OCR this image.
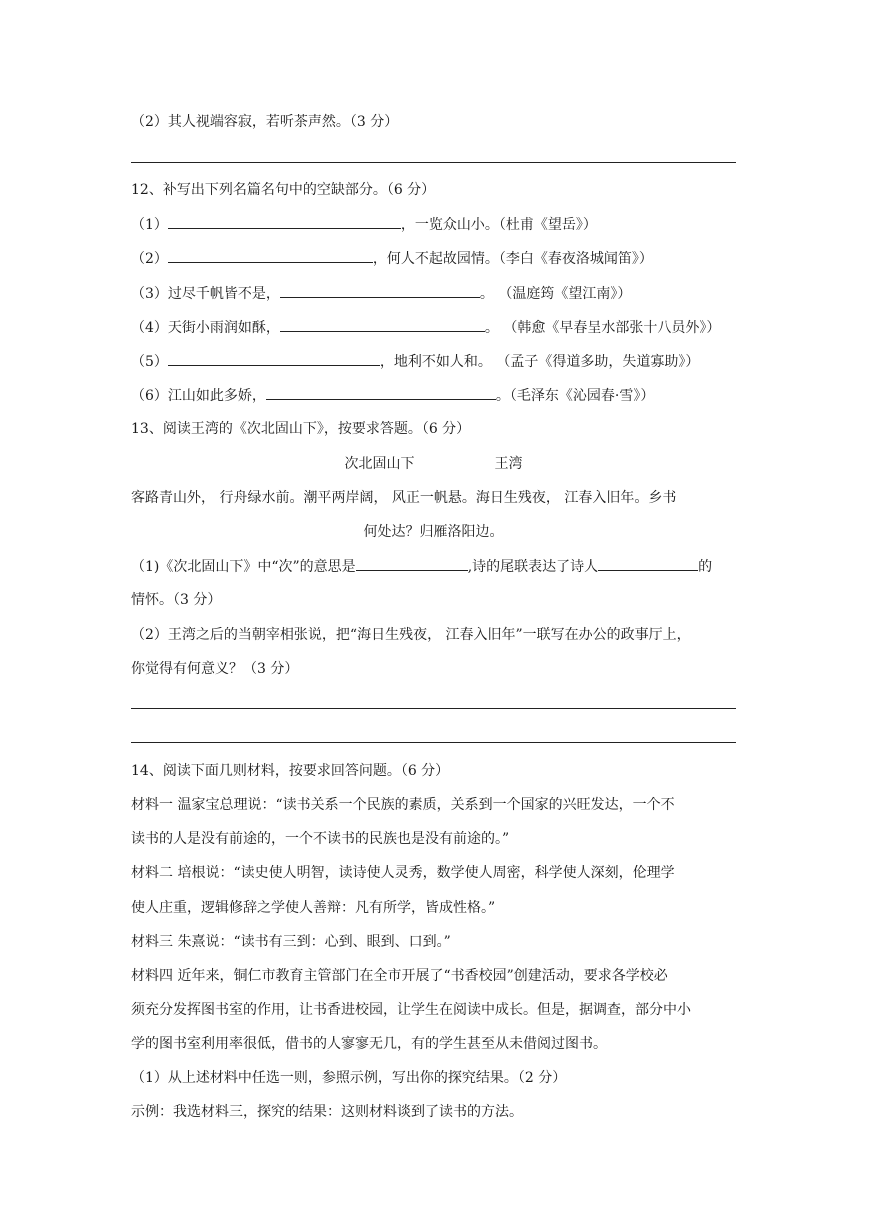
（2）其人视端容寂，若听茶声然。（3 分）
12、补写出下列名篇名句中的空缺部分。（6 分）
（1）	，一览众山小。（杜甫《望岳》）
（2）	，何人不起故园情。（李白《春夜洛城闻笛》）
（3）过尽千帆皆不是，	。 （温庭筠《望江南》）
（4）天街小雨润如酥，	。 （韩愈《早春呈水部张十八员外》）
（5）	，地利不如人和。 （孟子《得道多助，失道寡助》）
（6）江山如此多娇，	。（毛泽东《沁园春·雪》）
13、阅读王湾的《次北固山下》，按要求答题。（6 分）
次北固山下	王湾
客路青山外， 行舟绿水前。潮平两岸阔， 风正一帆悬。海日生残夜， 江春入旧年。乡书
何处达？归雁洛阳边。
（1)《次北固山下》中“次”的意思是	,诗的尾联表达了诗人	的
情怀。（3 分）
（2）王湾之后的当朝宰相张说，把“海日生残夜， 江春入旧年”一联写在办公的政事厅上，
你觉得有何意义？（3 分）
14、阅读下面几则材料，按要求回答问题。（6 分）
材料一 温家宝总理说：“读书关系一个民族的素质，关系到一个国家的兴旺发达，一个不
读书的人是没有前途的，一个不读书的民族也是没有前途的。”
材料二 培根说：“读史使人明智，读诗使人灵秀，数学使人周密，科学使人深刻，伦理学
使人庄重，逻辑修辞之学使人善辩：凡有所学，皆成性格。”
材料三 朱熹说：“读书有三到：心到、眼到、口到。”
材料四 近年来，铜仁市教育主管部门在全市开展了“书香校园”创建活动，要求各学校必
须充分发挥图书室的作用，让书香进校园，让学生在阅读中成长。但是，据调查，部分中小
学的图书室利用率很低，借书的人寥寥无几，有的学生甚至从未借阅过图书。
（1）从上述材料中任选一则，参照示例，写出你的探究结果。（2 分）
示例：我选材料三，探究的结果：这则材料谈到了读书的方法。
